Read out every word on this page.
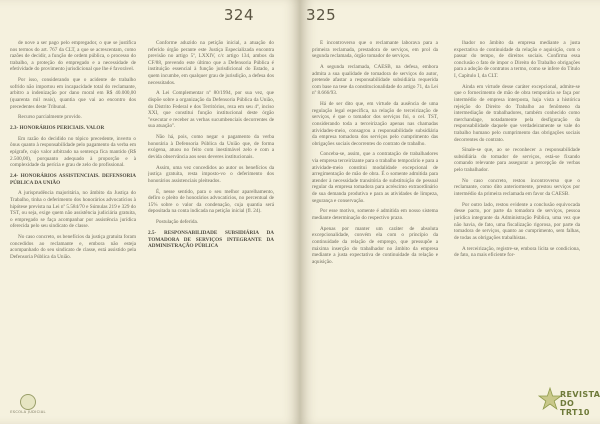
324

de nove a ser pago pelo empregador, o que se justifica nos termos do art. 767 da CLT, a que se acrescentam, como razões de decidir, a função de ordem pública, o processo do trabalho, a proteção do empregado e a necessidade de efetividade do provimento jurisdicional que lhe é favorável.

Por isso, considerando que o acidente de trabalho sofrido não importou em incapacidade total do reclamante, arbitro a indenização por dano moral em R$ 40.000,00 (quarenta mil reais), quantia que vai ao encontro dos precedentes deste Tribunal.

Recurso parcialmente provido.

2.3- HONORÁRIOS PERICIAIS. VALOR

Em razão do decidido no tópico precedente, inverto o ônus quanto à responsabilidade pelo pagamento da verba em epígrafe, cujo valor arbitrado na sentença fica mantido (R$ 2.500,00), porquanto adequado à proporção e à complexidade da perícia e grau de zelo do profissional.

2.4- HONORÁRIOS ASSISTENCIAIS. DEFENSORIA PÚBLICA DA UNIÃO

A jurisprudência majoritária, no âmbito da Justiça do Trabalho, tinha o deferimento dos honorários advocatícios à hipótese prevista na Lei nº 5.584/70 e Súmulas 219 e 329 do TST, ou seja, exige quem não assistência judiciária gratuita, o empregado se faça acompanhar por assistência jurídica oferecida pelo seu sindicato de classe.

No caso concreto, os benefícios da justiça gratuita foram concedidos ao reclamante e, embora não esteja acompanhado do seu sindicato de classe, está assistido pela Defensoria Pública da União.

Conforme aduzido na petição inicial, a atuação do referido órgão perante este Justiça Especializada encontra previsão no artigo 5º, LXXIV, c/c artigo 134, ambos da CF/88, prevendo este último que a Defensoria Pública é instituição essencial à função jurisdicional do Estado, a quem incumbe, em qualquer grau de jurisdição, a defesa dos necessitados.

A Lei Complementar nº 80/1994, por sua vez, que dispõe sobre a organização da Defensoria Pública da União, do Distrito Federal e dos Territórios, reza em seu 4º, inciso XXI, que constitui função institucional deste órgão "executar e receber as verbas sucumbenciais decorrentes de sua atuação".

Não há, pois, como negar o pagamento da verba honorária à Defensoria Pública da União que, de forma exógena, atuou no feito com inestimável zelo e com a devida observância aos seus deveres institucionais.

Assim, uma vez concedidos ao autor os benefícios da justiça gratuita, resta imposto-vo o deferimento dos honorários assistenciais pleiteados.

É, nesse sentido, para o seu melhor aparelhamento, defiro o pleito de honorários advocatícios, no percentual de 15% sobre o valor da condenação, cuja quantia será depositada na conta indicada na petição inicial (fl. 24).

Postulação deferida.

2.5- RESPONSABILIDADE SUBSIDIÁRIA DA TOMADORA DE SERVIÇOS INTEGRANTE DA ADMINISTRAÇÃO PÚBLICA

ESCOLA JUDICIAL
325

É incontroverso que o reclamante laborava para a primeira reclamada, prestadora de serviços, em prol da segunda reclamada, órgão tomador de serviços.

A segunda reclamada, CAESB, na defesa, embora admita a sua qualidade de tomadora de serviços do autor, pretende afastar a responsabilidade subsidiária requerida com base na tese da constitucionalidade do artigo 71, da Lei nº 8.666/93.

Há de ser dito que, em virtude da ausência de uma regulação legal específica, na relação de terceirização de serviços, é que o tomador dos serviços foi, o cel. TST, considerando toda a terceirização apenas nas chamadas atividades-meio, consagrou a responsabilidade subsidiária da empresa tomadora dos serviços pelo cumprimento das obrigações sociais decorrentes do contrato de trabalho.

Conceba-se, assim, que a contratação de trabalhadores via empresa terceirizante para o trabalho temporário e para a atividade-meio constitui modalidade excepcional de arregimentação de mão de obra. É o somente admitida para atender à necessidade transitória de substituição de pessoal regular da empresa tomadora para acréscimo extraordinário de sua demanda produtiva e para as atividades de limpeza, segurança e conservação.

Por esse motivo, somente é admitida em nosso sistema mediante determinação do respectivo prazo.

Apenas por manter um caráter de absoluta excepcionalidade, convém ela com o princípio da continuidade da relação de emprego, que pressupõe a máxima inserção do trabalhador no âmbito da empresa mediante a justa expectativa de continuidade da relação e aquisição.

lhador no âmbito da empresa mediante a justa expectativa de continuidade da relação e aquisição, com o passar do tempo, de direitos sociais. Confirma essa conclusão o fato de impor o Direito do Trabalho obrigações para a adoção de contratos a termo, como se infere do Título I, Capítulo I, da CLT.

Ainda em virtude desse caráter excepcional, admite-se que o fornecimento de mão de obra temporária se faça por intermédio de empresa interposta, haja vista a histórica rejeição do Direito do Trabalho ao fenômeno da intermediação de trabalhadores, também conhecido como merchandage, notadamente pela desfiguração da responsabilidade daquele que verdadeiramente se vale do trabalho humano pelo cumprimento das obrigações sociais decorrentes do contrato.

Sinale-se que, ao se reconhecer a responsabilidade subsidiária do tomador de serviços, está-se fixando comando relevante para assegurar a percepção de verbas pelo trabalhador.

No caso concreto, restou incontroverso que o reclamante, como dito anteriormente, prestou serviços por intermédio da primeira reclamada em favor da CAESB.

Por outro lado, restou evidente a conclusão equivocada desse pacto, por parte da tomadora de serviços, pessoa jurídica integrante da Administração Pública, uma vez que não havia, de fato, uma fiscalização rigorosa, por parte da tomadora de serviços, quanto ao cumprimento, sem falhas, de todas as obrigações trabalhistas.

A terceirização, registre-se, embora lícita se condiciona, de fato, na mais eficiente for-

REVISTA
DO TRT10
